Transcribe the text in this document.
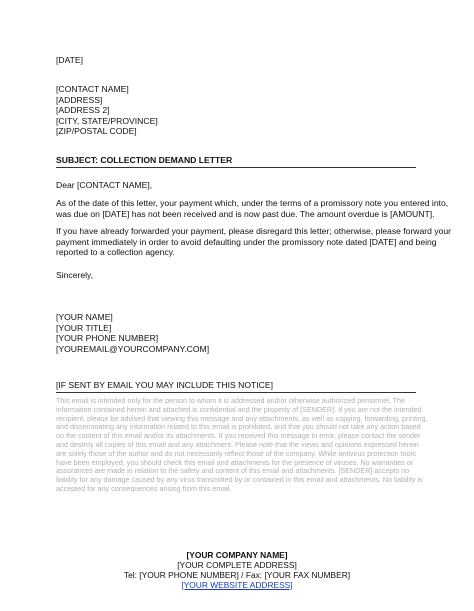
[DATE]
[CONTACT NAME]
[ADDRESS]
[ADDRESS 2]
[CITY, STATE/PROVINCE]
[ZIP/POSTAL CODE]
SUBJECT: COLLECTION DEMAND LETTER
Dear [CONTACT NAME],
As of the date of this letter, your payment which, under the terms of a promissory note you entered into,
was due on [DATE] has not been received and is now past due. The amount overdue is [AMOUNT].
If you have already forwarded your payment, please disregard this letter; otherwise, please forward your
payment immediately in order to avoid defaulting under the promissory note dated [DATE] and being
reported to a collection agency.
Sincerely,
[YOUR NAME]
[YOUR TITLE]
[YOUR PHONE NUMBER]
[YOUREMAIL@YOURCOMPANY.COM]
[IF SENT BY EMAIL YOU MAY INCLUDE THIS NOTICE]
This email is intended only for the person to whom it is addressed and/or otherwise authorized personnel. The
information contained herein and attached is confidential and the property of [SENDER]. If you are not the intended
recipient, please be advised that viewing this message and any attachments, as well as copying, forwarding, printing,
and disseminating any information related to this email is prohibited, and that you should not take any action based
on the content of this email and/or its attachments. If you received this message in error, please contact the sender
and destroy all copies of this email and any attachment. Please note that the views and opinions expressed herein
are solely those of the author and do not necessarily reflect those of the company. While antivirus protection tools
have been employed, you should check this email and attachments for the presence of viruses. No warranties or
assurances are made in relation to the safety and content of this email and attachments. [SENDER] accepts no
liability for any damage caused by any virus transmitted by or contained in this email and attachments. No liability is
accepted for any consequences arising from this email.
[YOUR COMPANY NAME]
[YOUR COMPLETE ADDRESS]
Tel: [YOUR PHONE NUMBER] / Fax: [YOUR FAX NUMBER]
[YOUR WEBSITE ADDRESS]
